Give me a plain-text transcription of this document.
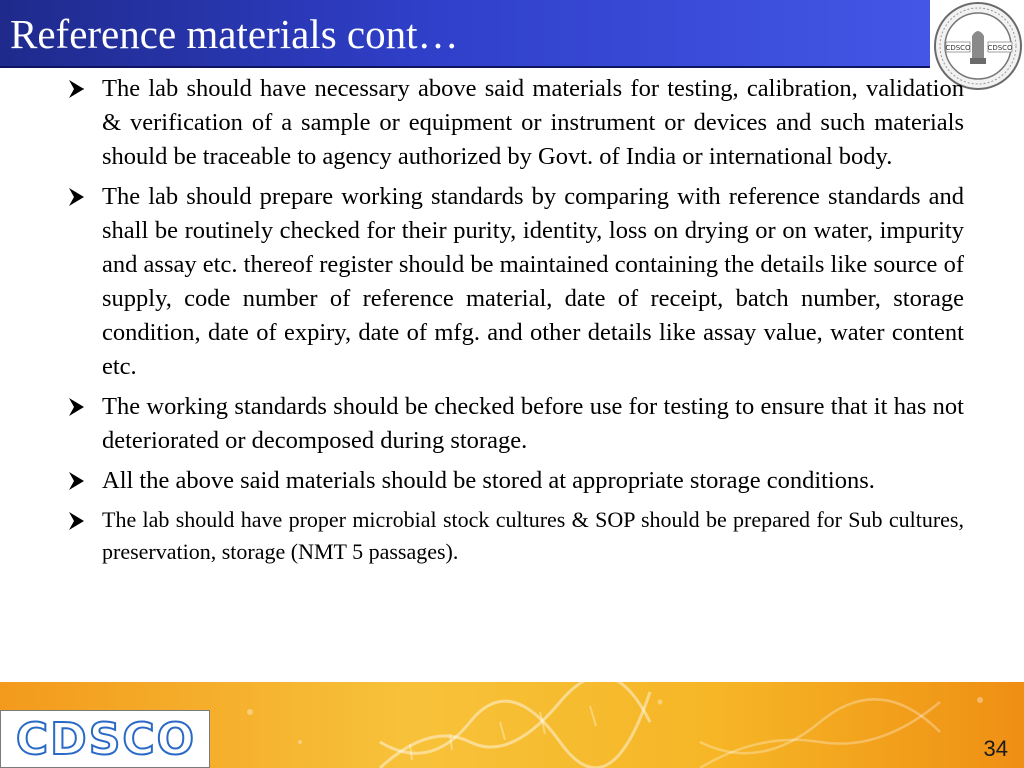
Reference materials cont…	CDSCO CDSCO
The lab should have necessary above said materials for testing, calibration, validation & verification of a sample or equipment or instrument or devices and such materials should be traceable to agency authorized by Govt. of India or international body.
The lab should prepare working standards by comparing with reference standards and shall be routinely checked for their purity, identity, loss on drying or on water, impurity and assay etc. thereof register should be maintained containing the details like source of supply, code number of reference material, date of receipt, batch number, storage condition, date of expiry, date of mfg. and other details like assay value, water content etc.
The working standards should be checked before use for testing to ensure that it has not deteriorated or decomposed during storage.
All the above said materials should be stored at appropriate storage conditions.
The lab should have proper microbial stock cultures & SOP should be prepared for Sub cultures, preservation, storage (NMT 5 passages).
CDSCO	34
